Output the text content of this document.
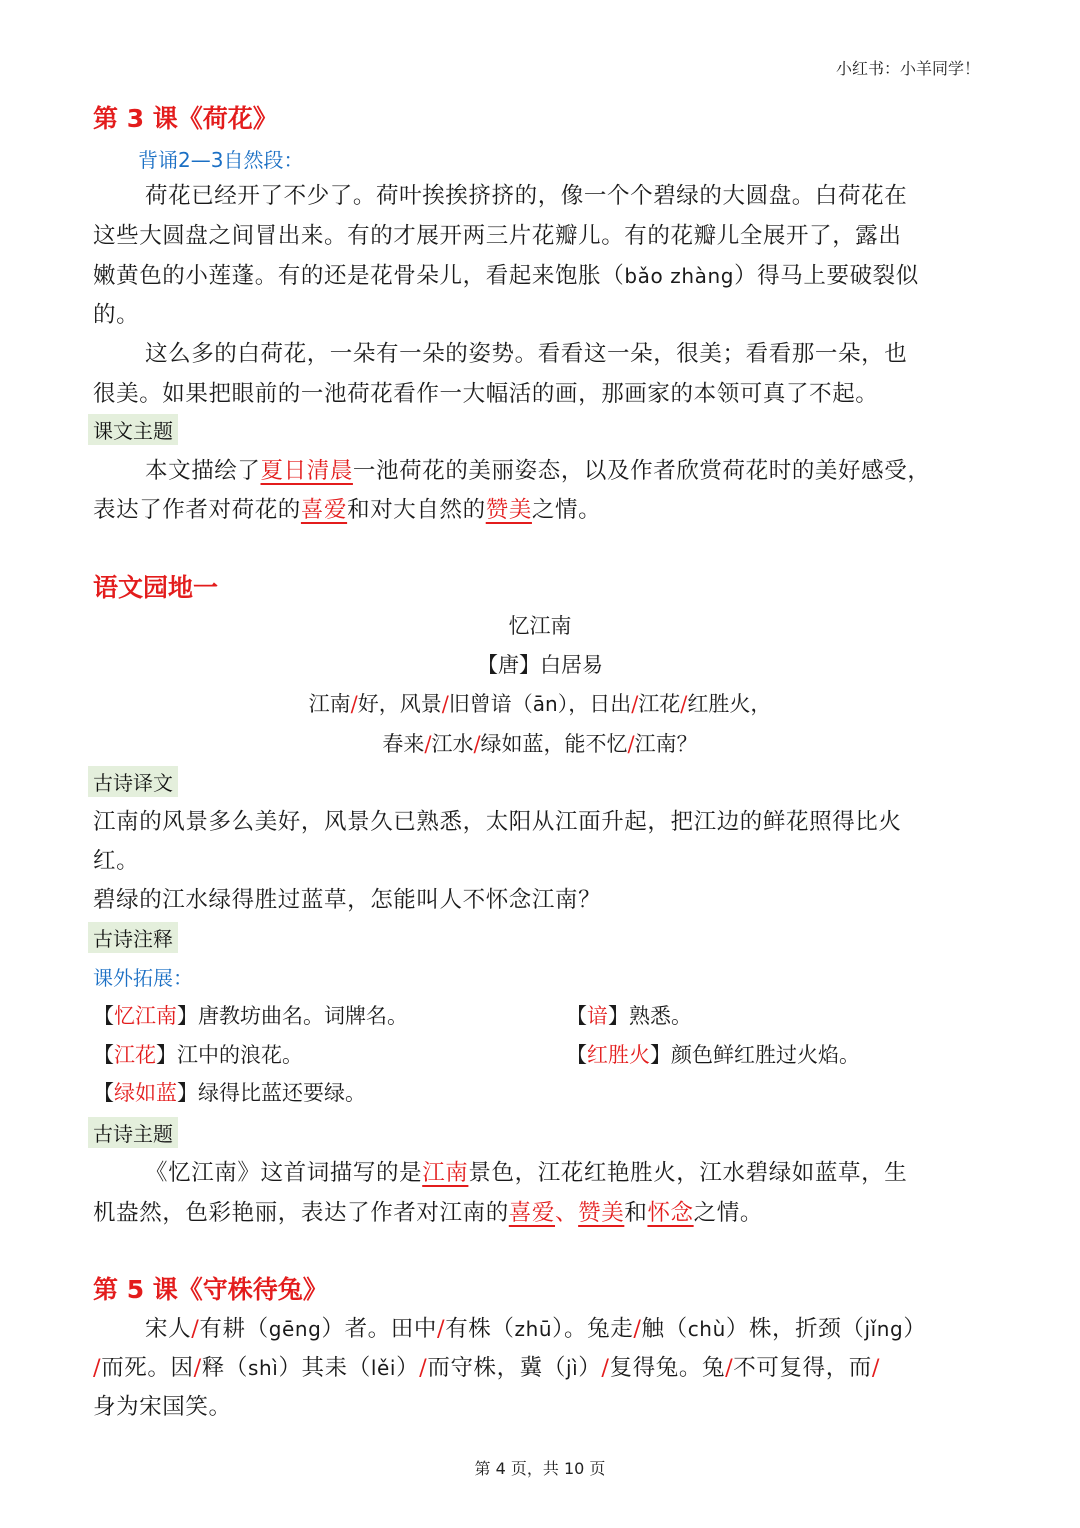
小红书：小羊同学！
第 3 课《荷花》
背诵2—3自然段：
荷花已经开了不少了。荷叶挨挨挤挤的，像一个个碧绿的大圆盘。白荷花在
这些大圆盘之间冒出来。有的才展开两三片花瓣儿。有的花瓣儿全展开了，露出
嫩黄色的小莲蓬。有的还是花骨朵儿，看起来饱胀（bǎo zhàng）得马上要破裂似
的。
这么多的白荷花，一朵有一朵的姿势。看看这一朵，很美；看看那一朵，也
很美。如果把眼前的一池荷花看作一大幅活的画，那画家的本领可真了不起。
课文主题
本文描绘了夏日清晨一池荷花的美丽姿态，以及作者欣赏荷花时的美好感受，
表达了作者对荷花的喜爱和对大自然的赞美之情。
语文园地一
忆江南
【唐】白居易
江南/好，风景/旧曾谙（ān），日出/江花/红胜火，
春来/江水/绿如蓝，能不忆/江南？
古诗译文
江南的风景多么美好，风景久已熟悉，太阳从江面升起，把江边的鲜花照得比火
红。
碧绿的江水绿得胜过蓝草，怎能叫人不怀念江南？
古诗注释
课外拓展：
【忆江南】唐教坊曲名。词牌名。	【谙】熟悉。
【江花】江中的浪花。	【红胜火】颜色鲜红胜过火焰。
【绿如蓝】绿得比蓝还要绿。
古诗主题
《忆江南》这首词描写的是江南景色，江花红艳胜火，江水碧绿如蓝草，生
机盎然，色彩艳丽，表达了作者对江南的喜爱、赞美和怀念之情。
第 5 课《守株待兔》
宋人/有耕（gēng）者。田中/有株（zhū）。兔走/触（chù）株，折颈（jǐng）
/而死。因/释（shì）其耒（lěi）/而守株，冀（jì）/复得兔。兔/不可复得，而/
身为宋国笑。
第 4 页，共 10 页
